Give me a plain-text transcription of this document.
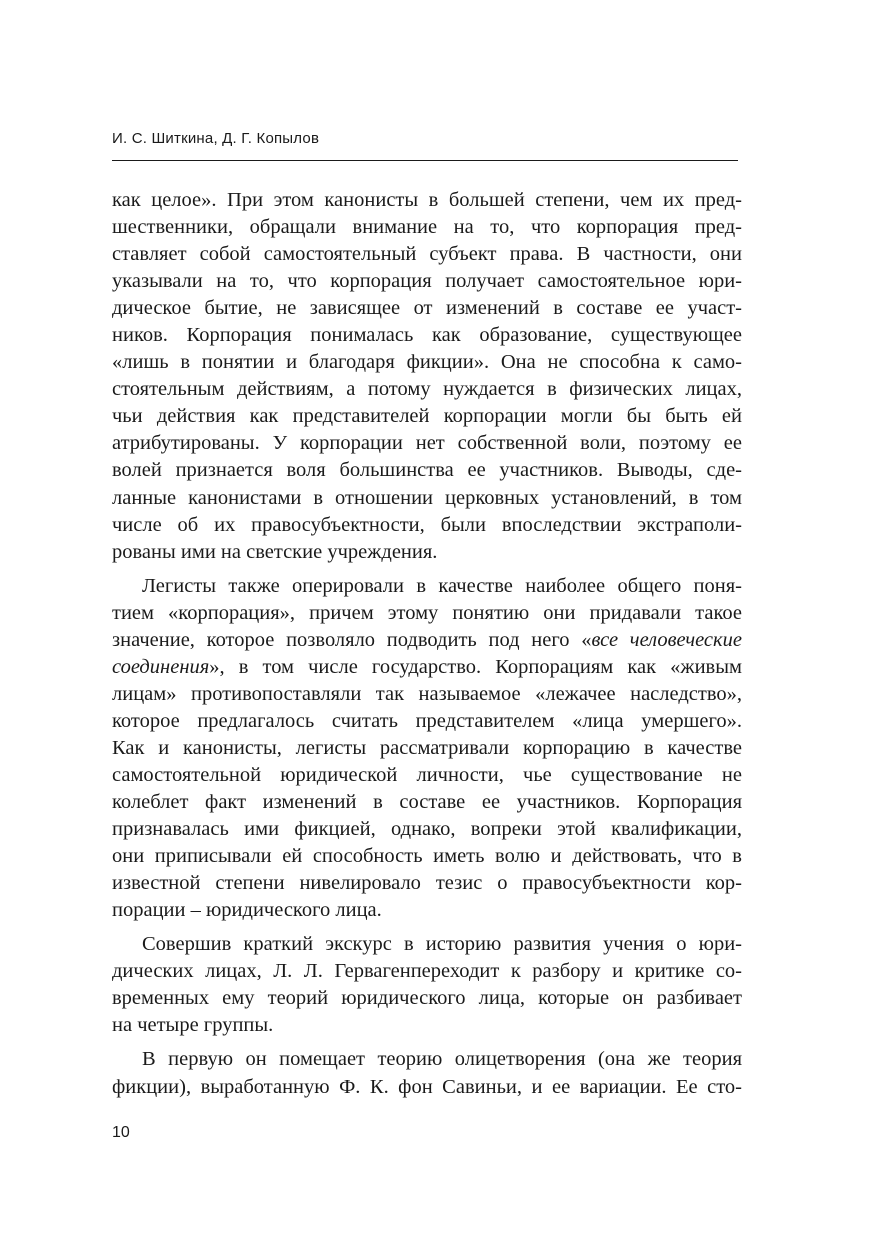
И. С. Шиткина, Д. Г. Копылов
как целое». При этом канонисты в большей степени, чем их пред-
шественники, обращали внимание на то, что корпорация пред-
ставляет собой самостоятельный субъект права. В частности, они
указывали на то, что корпорация получает самостоятельное юри-
дическое бытие, не зависящее от изменений в составе ее участ-
ников. Корпорация понималась как образование, существующее
«лишь в понятии и благодаря фикции». Она не способна к само-
стоятельным действиям, а потому нуждается в физических лицах,
чьи действия как представителей корпорации могли бы быть ей
атрибутированы. У корпорации нет собственной воли, поэтому ее
волей признается воля большинства ее участников. Выводы, сде-
ланные канонистами в отношении церковных установлений, в том
числе об их правосубъектности, были впоследствии экстраполи-
рованы ими на светские учреждения.
Легисты также оперировали в качестве наиболее общего поня-
тием «корпорация», причем этому понятию они придавали такое
значение, которое позволяло подводить под него «все человеческие
соединения», в том числе государство. Корпорациям как «живым
лицам» противопоставляли так называемое «лежачее наследство»,
которое предлагалось считать представителем «лица умершего».
Как и канонисты, легисты рассматривали корпорацию в качестве
самостоятельной юридической личности, чье существование не
колеблет факт изменений в составе ее участников. Корпорация
признавалась ими фикцией, однако, вопреки этой квалификации,
они приписывали ей способность иметь волю и действовать, что в
известной степени нивелировало тезис о правосубъектности кор-
порации – юридического лица.
Совершив краткий экскурс в историю развития учения о юри-
дических лицах, Л. Л. Гервагенпереходит к разбору и критике со-
временных ему теорий юридического лица, которые он разбивает
на четыре группы.
В первую он помещает теорию олицетворения (она же теория
фикции), выработанную Ф. К. фон Савиньи, и ее вариации. Ее сто-
10
